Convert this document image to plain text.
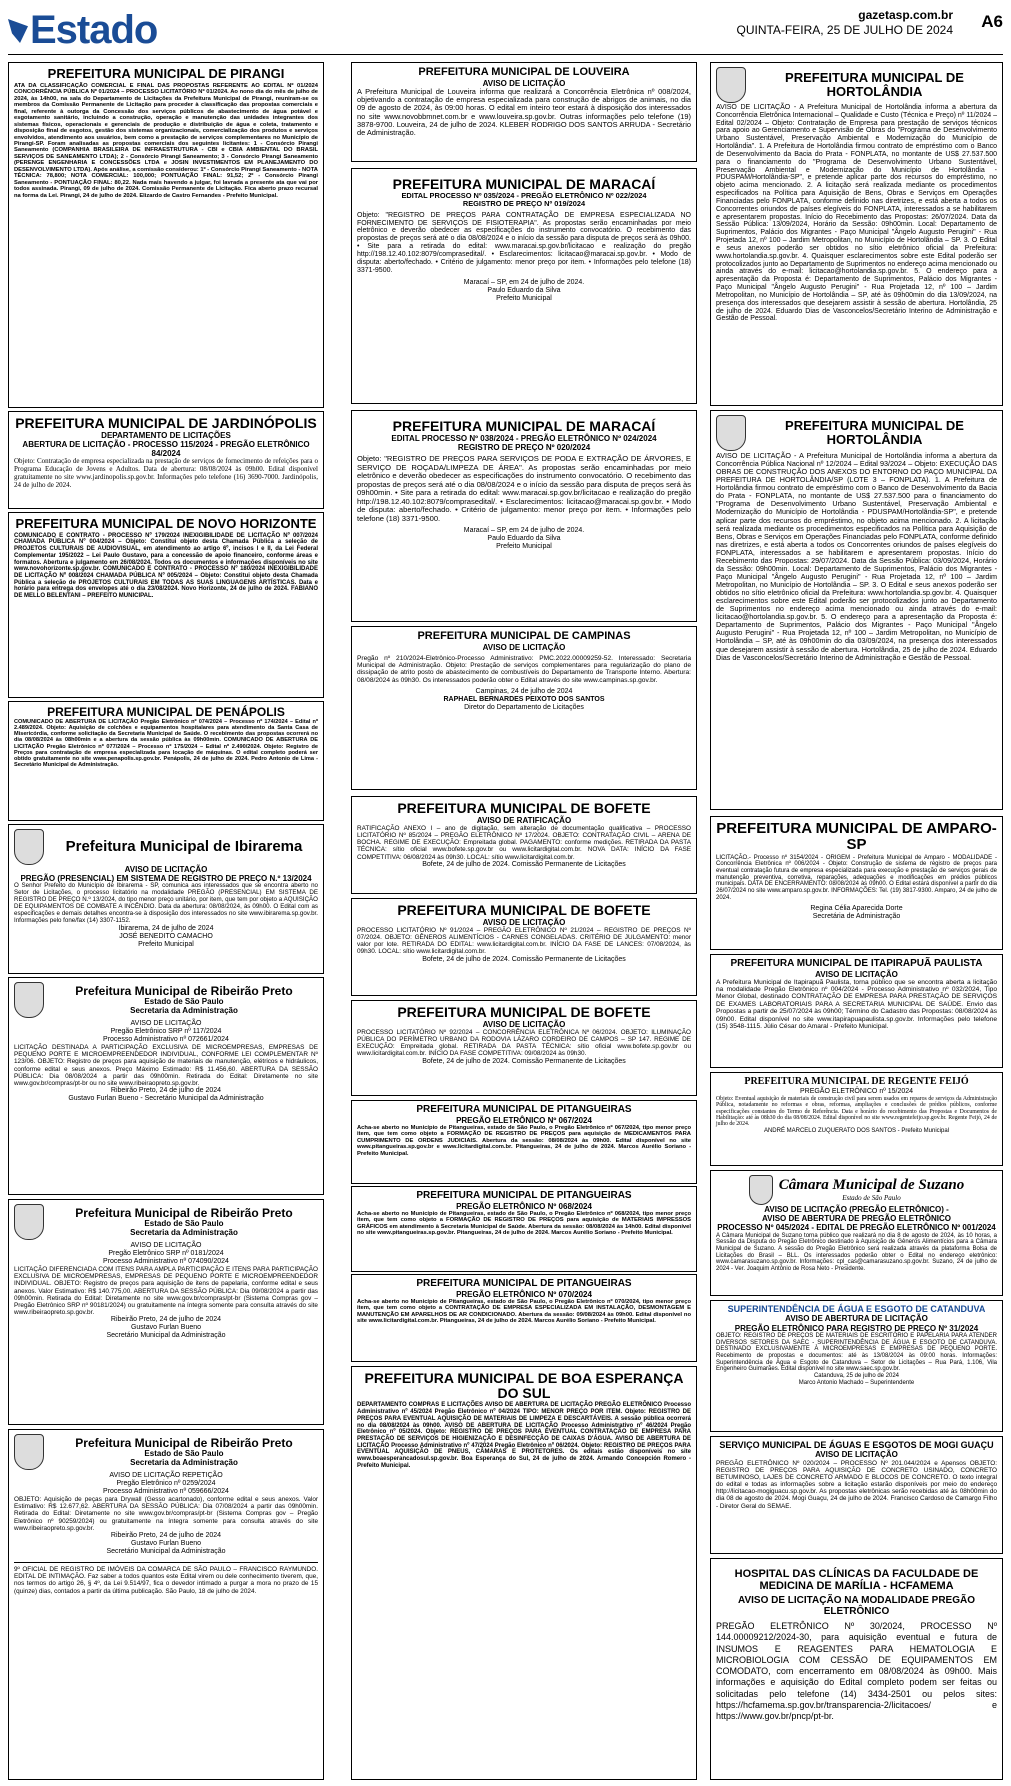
Estado	gazetasp.com.br
QUINTA-FEIRA, 25 DE JULHO DE 2024 A6
PREFEITURA MUNICIPAL DE PIRANGI
ATA DA CLASSIFICAÇÃO COMERCIAL E FINAL DAS PROPOSTAS REFERENTE AO EDITAL Nº 01/2024 CONCORRÊNCIA PÚBLICA Nº 01/2024 – PROCESSO LICITATÓRIO Nº 01/2024. Ao nono dia do mês de julho de 2024, às 14h00, na sala do Departamento de Licitações da Prefeitura Municipal de Pirangi, reuniram-se os membros da Comissão Permanente de Licitação para proceder à classificação das propostas comerciais e final, referente à outorga da Concessão dos serviços públicos de abastecimento de água potável e esgotamento sanitário, incluindo a construção, operação e manutenção das unidades integrantes dos sistemas físicos, operacionais e gerenciais de produção e distribuição de água e coleta, tratamento e disposição final de esgotos, gestão dos sistemas organizacionais, comercialização dos produtos e serviços envolvidos, atendimento aos usuários, bem como a prestação de serviços complementares no Município de Pirangi-SP. Foram analisadas as propostas comerciais dos seguintes licitantes: 1 - Consórcio Pirangi Saneamento (COMPANHIA BRASILEIRA DE INFRAESTRUTURA - CBI e CBIA AMBIENTAL DO BRASIL SERVIÇOS DE SANEAMENTO LTDA); 2 - Consórcio Pirangi Saneamento; 3 - Consórcio Pirangi Saneamento (PERENGE ENGENHARIA E CONCESSÕES LTDA e JOSIN INVESTIMENTOS EM PLANEJAMENTO DO DESENVOLVIMENTO LTDA). Após análise, a comissão considerou: 1º - Consórcio Pirangi Saneamento - NOTA TÉCNICA: 78,800; NOTA COMERCIAL: 100,000; PONTUAÇÃO FINAL: 91,52; 2º - Consórcio Pirangi Saneamento - PONTUAÇÃO FINAL: 80,22. Nada mais havendo a julgar, foi lavrada a presente ata que vai por todos assinada. Pirangi, 09 de julho de 2024. Comissão Permanente de Licitação. Fica aberto prazo recursal na forma da Lei. Pirangi, 24 de julho de 2024. Elizardo de Castro Fernandes - Prefeito Municipal.
PREFEITURA MUNICIPAL DE JARDINÓPOLIS
DEPARTAMENTO DE LICITAÇÕES
ABERTURA DE LICITAÇÃO - PROCESSO 115/2024 - PREGÃO ELETRÔNICO 84/2024
Objeto: Contratação de empresa especializada na prestação de serviços de fornecimento de refeições para o Programa Educação de Jovens e Adultos. Data de abertura: 08/08/2024 às 09h00. Edital disponível gratuitamente no site www.jardinopolis.sp.gov.br. Informações pelo telefone (16) 3690-7000. Jardinópolis, 24 de julho de 2024.
PREFEITURA MUNICIPAL DE NOVO HORIZONTE
COMUNICADO E CONTRATO - PROCESSO Nº 179/2024 INEXIGIBILIDADE DE LICITAÇÃO Nº 007/2024 CHAMADA PÚBLICA Nº 004/2024 – Objeto: Constitui objeto desta Chamada Pública a seleção de PROJETOS CULTURAIS DE AUDIOVISUAL, em atendimento ao artigo 6º, incisos I e II, da Lei Federal Complementar 195/2022 – Lei Paulo Gustavo, para a concessão de apoio financeiro, conforme áreas e formatos. Abertura e julgamento em 26/08/2024. Todos os documentos e informações disponíveis no site www.novohorizonte.sp.gov.br. COMUNICADO E CONTRATO - PROCESSO Nº 180/2024 INEXIGIBILIDADE DE LICITAÇÃO Nº 008/2024 CHAMADA PÚBLICA Nº 005/2024 – Objeto: Constitui objeto desta Chamada Pública a seleção de PROJETOS CULTURAIS EM TODAS AS SUAS LINGUAGENS ARTÍSTICAS. Data e horário para entrega dos envelopes até o dia 23/08/2024. Novo Horizonte, 24 de julho de 2024. FABIANO DE MELLO BELENTANI – PREFEITO MUNICIPAL.
PREFEITURA MUNICIPAL DE PENÁPOLIS
COMUNICADO DE ABERTURA DE LICITAÇÃO Pregão Eletrônico nº 074/2024 – Processo nº 174/2024 – Edital nº 2.489/2024. Objeto: Aquisição de colchões e equipamentos hospitalares para atendimento da Santa Casa de Misericórdia, conforme solicitação da Secretaria Municipal de Saúde. O recebimento das propostas ocorrerá no dia 08/08/2024 às 08h00min e a abertura da sessão pública às 09h00min. COMUNICADO DE ABERTURA DE LICITAÇÃO Pregão Eletrônico nº 077/2024 – Processo nº 175/2024 – Edital nº 2.490/2024. Objeto: Registro de Preços para contratação de empresa especializada para locação de máquinas. O edital completo poderá ser obtido gratuitamente no site www.penapolis.sp.gov.br. Penápolis, 24 de julho de 2024. Pedro Antonio de Lima - Secretário Municipal de Administração.
Prefeitura Municipal de Ibirarema
AVISO DE LICITAÇÃO
PREGÃO (PRESENCIAL) EM SISTEMA DE REGISTRO DE PREÇO N.º 13/2024
O Senhor Prefeito do Município de Ibirarema - SP, comunica aos interessados que se encontra aberto no Setor de Licitações, o processo licitatório na modalidade PREGÃO (PRESENCIAL) EM SISTEMA DE REGISTRO DE PREÇO N.º 13/2024, do tipo menor preço unitário, por item, que tem por objeto a AQUISIÇÃO DE EQUIPAMENTOS DE COMBATE A INCÊNDIO. Data da abertura: 08/08/2024, às 09h00. O Edital com as especificações e demais detalhes encontra-se à disposição dos interessados no site www.ibirarema.sp.gov.br. Informações pelo fone/fax (14) 3307-1152.
Ibirarema, 24 de julho de 2024
JOSÉ BENEDITO CAMACHO
Prefeito Municipal
Prefeitura Municipal de Ribeirão Preto
Estado de São Paulo
Secretaria da Administração
AVISO DE LICITAÇÃO
Pregão Eletrônico SRP nº 117/2024
Processo Administrativo nº 072661/2024
LICITAÇÃO DESTINADA A PARTICIPAÇÃO EXCLUSIVA DE MICROEMPRESAS, EMPRESAS DE PEQUENO PORTE E MICROEMPREENDEDOR INDIVIDUAL, CONFORME LEI COMPLEMENTAR Nº 123/06. OBJETO: Registro de preços para aquisição de materiais de manutenção, elétricos e hidráulicos, conforme edital e seus anexos. Preço Máximo Estimado: R$ 11.456,60. ABERTURA DA SESSÃO PÚBLICA: Dia 08/08/2024 a partir das 09h00min. Retirada do Edital: Diretamente no site www.gov.br/compras/pt-br ou no site www.ribeiraopreto.sp.gov.br.
Ribeirão Preto, 24 de julho de 2024
Gustavo Furlan Bueno - Secretário Municipal da Administração
Prefeitura Municipal de Ribeirão Preto
Estado de São Paulo
Secretaria da Administração
AVISO DE LICITAÇÃO
Pregão Eletrônico SRP nº 0181/2024
Processo Administrativo nº 074090/2024
LICITAÇÃO DIFERENCIADA COM ITENS PARA AMPLA PARTICIPAÇÃO E ITENS PARA PARTICIPAÇÃO EXCLUSIVA DE MICROEMPRESAS, EMPRESAS DE PEQUENO PORTE E MICROEMPREENDEDOR INDIVIDUAL. OBJETO: Registro de preços para aquisição de itens de papelaria, conforme edital e seus anexos. Valor Estimativo: R$ 140.775,00. ABERTURA DA SESSÃO PÚBLICA: Dia 09/08/2024 a partir das 09h00min. Retirada do Edital: Diretamente no site www.gov.br/compras/pt-br (Sistema Compras gov – Pregão Eletrônico SRP nº 90181/2024) ou gratuitamente na íntegra somente para consulta através do site www.ribeiraopreto.sp.gov.br.
Ribeirão Preto, 24 de julho de 2024
Gustavo Furlan Bueno
Secretário Municipal da Administração
Prefeitura Municipal de Ribeirão Preto
Estado de São Paulo
Secretaria da Administração
AVISO DE LICITAÇÃO REPETIÇÃO
Pregão Eletrônico nº 0259/2024
Processo Administrativo nº 059666/2024
OBJETO: Aquisição de peças para Drywall (Gesso acartonado), conforme edital e seus anexos. Valor Estimativo: R$ 12.677,62. ABERTURA DA SESSÃO PÚBLICA: Dia 07/08/2024 a partir das 09h00min. Retirada do Edital: Diretamente no site www.gov.br/compras/pt-br (Sistema Compras gov – Pregão Eletrônico nº 90259/2024) ou gratuitamente na íntegra somente para consulta através do site www.ribeiraopreto.sp.gov.br.
Ribeirão Preto, 24 de julho de 2024
Gustavo Furlan Bueno
Secretário Municipal da Administração
9º OFICIAL DE REGISTRO DE IMÓVEIS DA COMARCA DE SÃO PAULO – FRANCISCO RAYMUNDO. EDITAL DE INTIMAÇÃO. Faz saber a todos quantos este Edital virem ou dele conhecimento tiverem, que, nos termos do artigo 26, § 4º, da Lei 9.514/97, fica o devedor intimado a purgar a mora no prazo de 15 (quinze) dias, contados a partir da última publicação. São Paulo, 18 de julho de 2024.
PREFEITURA MUNICIPAL DE LOUVEIRA
AVISO DE LICITAÇÃO
A Prefeitura Municipal de Louveira informa que realizará a Concorrência Eletrônica nº 008/2024, objetivando a contratação de empresa especializada para construção de abrigos de animais, no dia 09 de agosto de 2024, às 09:00 horas. O edital em inteiro teor estará à disposição dos interessados no site www.novobbmnet.com.br e www.louveira.sp.gov.br. Outras informações pelo telefone (19) 3878-9700. Louveira, 24 de julho de 2024. KLEBER RODRIGO DOS SANTOS ARRUDA - Secretário de Administração.
PREFEITURA MUNICIPAL DE MARACAÍ
EDITAL PROCESSO Nº 035/2024 - PREGÃO ELETRÔNICO Nº 022/2024
REGISTRO DE PREÇO Nº 019/2024
Objeto: "REGISTRO DE PREÇOS PARA CONTRATAÇÃO DE EMPRESA ESPECIALIZADA NO FORNECIMENTO DE SERVIÇOS DE FISIOTERAPIA". As propostas serão encaminhadas por meio eletrônico e deverão obedecer as especificações do instrumento convocatório. O recebimento das propostas de preços será até o dia 08/08/2024 e o início da sessão para disputa de preços será às 09h00. • Site para a retirada do edital: www.maracai.sp.gov.br/licitacao e realização do pregão http://198.12.40.102:8079/comprasedital/. • Esclarecimentos: licitacao@maracai.sp.gov.br. • Modo de disputa: aberto/fechado. • Critério de julgamento: menor preço por item. • Informações pelo telefone (18) 3371-9500.
Maracaí – SP, em 24 de julho de 2024.
Paulo Eduardo da Silva
Prefeito Municipal
PREFEITURA MUNICIPAL DE MARACAÍ
EDITAL PROCESSO Nº 038/2024 - PREGÃO ELETRÔNICO Nº 024/2024
REGISTRO DE PREÇO Nº 020/2024
Objeto: "REGISTRO DE PREÇOS PARA SERVIÇOS DE PODA E EXTRAÇÃO DE ÁRVORES, E SERVIÇO DE ROÇADA/LIMPEZA DE ÁREA". As propostas serão encaminhadas por meio eletrônico e deverão obedecer as especificações do instrumento convocatório. O recebimento das propostas de preços será até o dia 08/08/2024 e o início da sessão para disputa de preços será às 09h00min. • Site para a retirada do edital: www.maracai.sp.gov.br/licitacao e realização do pregão http://198.12.40.102:8079/comprasedital/. • Esclarecimentos: licitacao@maracai.sp.gov.br. • Modo de disputa: aberto/fechado. • Critério de julgamento: menor preço por item. • Informações pelo telefone (18) 3371-9500.
Maracaí – SP, em 24 de julho de 2024.
Paulo Eduardo da Silva
Prefeito Municipal
PREFEITURA MUNICIPAL DE CAMPINAS
AVISO DE LICITAÇÃO
Pregão nº 210/2024-Eletrônico-Processo Administrativo: PMC.2022.00009259-52. Interessado: Secretaria Municipal de Administração. Objeto: Prestação de serviços complementares para regularização do plano de dissipação de atrito posto de abastecimento de combustíveis do Departamento de Transporte Interno. Abertura: 08/08/2024 às 09h30. Os interessados poderão obter o Edital através do site www.campinas.sp.gov.br.
Campinas, 24 de julho de 2024
RAPHAEL BERNARDES PEIXOTO DOS SANTOS
Diretor do Departamento de Licitações
PREFEITURA MUNICIPAL DE BOFETE
AVISO DE RATIFICAÇÃO
RATIFICAÇÃO ANEXO I – ano de digitação, sem alteração de documentação qualificativa – PROCESSO LICITATÓRIO Nº 85/2024 – PREGÃO ELETRÔNICO Nº 17/2024. OBJETO: CONTRATAÇÃO CIVIL – ARENA DE BOCHA. REGIME DE EXECUÇÃO: Empreitada global. PAGAMENTO: conforme medições. RETIRADA DA PASTA TÉCNICA: sítio oficial www.bofete.sp.gov.br ou www.licitardigital.com.br. NOVA DATA: INÍCIO DA FASE COMPETITIVA: 06/08/2024 às 09h30. LOCAL: sítio www.licitardigital.com.br.
Bofete, 24 de julho de 2024. Comissão Permanente de Licitações
PREFEITURA MUNICIPAL DE BOFETE
AVISO DE LICITAÇÃO
PROCESSO LICITATÓRIO Nº 91/2024 – PREGÃO ELETRÔNICO Nº 21/2024 – REGISTRO DE PREÇOS Nº 07/2024. OBJETO: GÊNEROS ALIMENTÍCIOS - CARNES CONGELADAS. CRITÉRIO DE JULGAMENTO: menor valor por lote. RETIRADA DO EDITAL: www.licitardigital.com.br. INÍCIO DA FASE DE LANCES: 07/08/2024, às 09h30. LOCAL: sítio www.licitardigital.com.br.
Bofete, 24 de julho de 2024. Comissão Permanente de Licitações
PREFEITURA MUNICIPAL DE BOFETE
AVISO DE LICITAÇÃO
PROCESSO LICITATÓRIO Nº 92/2024 – CONCORRÊNCIA ELETRÔNICA Nº 06/2024. OBJETO: ILUMINAÇÃO PÚBLICA DO PERÍMETRO URBANO DA RODOVIA LÁZARO CORDEIRO DE CAMPOS – SP 147. REGIME DE EXECUÇÃO: Empreitada global. RETIRADA DA PASTA TÉCNICA: sítio oficial www.bofete.sp.gov.br ou www.licitardigital.com.br. INÍCIO DA FASE COMPETITIVA: 09/08/2024 às 09h30.
Bofete, 24 de julho de 2024. Comissão Permanente de Licitações
PREFEITURA MUNICIPAL DE PITANGUEIRAS
PREGÃO ELETRÔNICO Nº 067/2024
Acha-se aberto no Município de Pitangueiras, estado de São Paulo, o Pregão Eletrônico nº 067/2024, tipo menor preço item, que tem como objeto a FORMAÇÃO DE REGISTRO DE PREÇOS para aquisição de MEDICAMENTOS PARA CUMPRIMENTO DE ORDENS JUDICIAIS. Abertura da sessão: 08/08/2024 às 09h00. Edital disponível no site www.pitangueiras.sp.gov.br e www.licitardigital.com.br. Pitangueiras, 24 de julho de 2024. Marcos Aurélio Soriano - Prefeito Municipal.
PREFEITURA MUNICIPAL DE PITANGUEIRAS
PREGÃO ELETRÔNICO Nº 068/2024
Acha-se aberto no Município de Pitangueiras, estado de São Paulo, o Pregão Eletrônico nº 068/2024, tipo menor preço item, que tem como objeto a FORMAÇÃO DE REGISTRO DE PREÇOS para aquisição de MATERIAIS IMPRESSOS GRÁFICOS em atendimento à Secretaria Municipal de Saúde. Abertura da sessão: 08/08/2024 às 14h00. Edital disponível no site www.pitangueiras.sp.gov.br. Pitangueiras, 24 de julho de 2024. Marcos Aurélio Soriano - Prefeito Municipal.
PREFEITURA MUNICIPAL DE PITANGUEIRAS
PREGÃO ELETRÔNICO Nº 070/2024
Acha-se aberto no Município de Pitangueiras, estado de São Paulo, o Pregão Eletrônico nº 070/2024, tipo menor preço item, que tem como objeto a CONTRATAÇÃO DE EMPRESA ESPECIALIZADA EM INSTALAÇÃO, DESMONTAGEM E MANUTENÇÃO EM APARELHOS DE AR CONDICIONADO. Abertura da sessão: 09/08/2024 às 09h00. Edital disponível no site www.licitardigital.com.br. Pitangueiras, 24 de julho de 2024. Marcos Aurélio Soriano - Prefeito Municipal.
PREFEITURA MUNICIPAL DE BOA ESPERANÇA DO SUL
DEPARTAMENTO COMPRAS E LICITAÇÕES AVISO DE ABERTURA DE LICITAÇÃO PREGÃO ELETRÔNICO Processo Administrativo nº 45/2024 Pregão Eletrônico nº 04/2024 TIPO: MENOR PREÇO POR ITEM. Objeto: REGISTRO DE PREÇOS PARA EVENTUAL AQUISIÇÃO DE MATERIAIS DE LIMPEZA E DESCARTÁVEIS. A sessão pública ocorrerá no dia 08/08/2024 às 09h00. AVISO DE ABERTURA DE LICITAÇÃO Processo Administrativo nº 46/2024 Pregão Eletrônico nº 05/2024. Objeto: REGISTRO DE PREÇOS PARA EVENTUAL CONTRATAÇÃO DE EMPRESA PARA PRESTAÇÃO DE SERVIÇOS DE HIGIENIZAÇÃO E DESINFECÇÃO DE CAIXAS D'ÁGUA. AVISO DE ABERTURA DE LICITAÇÃO Processo Administrativo nº 47/2024 Pregão Eletrônico nº 06/2024. Objeto: REGISTRO DE PREÇOS PARA EVENTUAL AQUISIÇÃO DE PNEUS, CÂMARAS E PROTETORES. Os editais estão disponíveis no site www.boaesperancadosul.sp.gov.br. Boa Esperança do Sul, 24 de julho de 2024. Armando Concepción Romero - Prefeito Municipal.
PREFEITURA MUNICIPAL DE HORTOLÂNDIA
AVISO DE LICITAÇÃO - A Prefeitura Municipal de Hortolândia informa a abertura da Concorrência Eletrônica Internacional – Qualidade e Custo (Técnica e Preço) nº 11/2024 – Edital 02/2024 – Objeto: Contratação de Empresa para prestação de serviços técnicos para apoio ao Gerenciamento e Supervisão de Obras do "Programa de Desenvolvimento Urbano Sustentável, Preservação Ambiental e Modernização do Município de Hortolândia". 1. A Prefeitura de Hortolândia firmou contrato de empréstimo com o Banco de Desenvolvimento da Bacia do Prata - FONPLATA, no montante de US$ 27.537.500 para o financiamento do "Programa de Desenvolvimento Urbano Sustentável, Preservação Ambiental e Modernização do Município de Hortolândia - PDUSPAM/Hortolândia-SP", e pretende aplicar parte dos recursos do empréstimo, no objeto acima mencionado. 2. A licitação será realizada mediante os procedimentos especificados na Política para Aquisição de Bens, Obras e Serviços em Operações Financiadas pelo FONPLATA, conforme definido nas diretrizes, e está aberta a todos os Concorrentes oriundos de países elegíveis do FONPLATA, interessados a se habilitarem e apresentarem propostas. Início do Recebimento das Propostas: 26/07/2024. Data da Sessão Pública: 13/09/2024, Horário da Sessão: 09h00min. Local: Departamento de Suprimentos, Palácio dos Migrantes - Paço Municipal "Ângelo Augusto Perugini" - Rua Projetada 12, nº 100 – Jardim Metropolitan, no Município de Hortolândia – SP. 3. O Edital e seus anexos poderão ser obtidos no sítio eletrônico oficial da Prefeitura: www.hortolandia.sp.gov.br. 4. Quaisquer esclarecimentos sobre este Edital poderão ser protocolizados junto ao Departamento de Suprimentos no endereço acima mencionado ou ainda através do e-mail: licitacao@hortolandia.sp.gov.br. 5. O endereço para a apresentação da Proposta é: Departamento de Suprimentos, Palácio dos Migrantes - Paço Municipal "Ângelo Augusto Perugini" - Rua Projetada 12, nº 100 – Jardim Metropolitan, no Município de Hortolândia – SP, até às 09h00min do dia 13/09/2024, na presença dos interessados que desejarem assistir à sessão de abertura. Hortolândia, 25 de julho de 2024. Eduardo Dias de Vasconcelos/Secretário Interino de Administração e Gestão de Pessoal.
PREFEITURA MUNICIPAL DE HORTOLÂNDIA
AVISO DE LICITAÇÃO - A Prefeitura Municipal de Hortolândia informa a abertura da Concorrência Pública Nacional nº 12/2024 – Edital 93/2024 – Objeto: EXECUÇÃO DAS OBRAS DE CONSTRUÇÃO DOS ANEXOS DO ENTORNO DO PAÇO MUNICIPAL DA PREFEITURA DE HORTOLÂNDIA/SP (LOTE 3 – FONPLATA). 1. A Prefeitura de Hortolândia firmou contrato de empréstimo com o Banco de Desenvolvimento da Bacia do Prata - FONPLATA, no montante de US$ 27.537.500 para o financiamento do "Programa de Desenvolvimento Urbano Sustentável, Preservação Ambiental e Modernização do Município de Hortolândia - PDUSPAM/Hortolândia-SP", e pretende aplicar parte dos recursos do empréstimo, no objeto acima mencionado. 2. A licitação será realizada mediante os procedimentos especificados na Política para Aquisição de Bens, Obras e Serviços em Operações Financiadas pelo FONPLATA, conforme definido nas diretrizes, e está aberta a todos os Concorrentes oriundos de países elegíveis do FONPLATA, interessados a se habilitarem e apresentarem propostas. Início do Recebimento das Propostas: 29/07/2024. Data da Sessão Pública: 03/09/2024, Horário da Sessão: 09h00min. Local: Departamento de Suprimentos, Palácio dos Migrantes - Paço Municipal "Ângelo Augusto Perugini" - Rua Projetada 12, nº 100 – Jardim Metropolitan, no Município de Hortolândia – SP. 3. O Edital e seus anexos poderão ser obtidos no sítio eletrônico oficial da Prefeitura: www.hortolandia.sp.gov.br. 4. Quaisquer esclarecimentos sobre este Edital poderão ser protocolizados junto ao Departamento de Suprimentos no endereço acima mencionado ou ainda através do e-mail: licitacao@hortolandia.sp.gov.br. 5. O endereço para a apresentação da Proposta é: Departamento de Suprimentos, Palácio dos Migrantes - Paço Municipal "Ângelo Augusto Perugini" - Rua Projetada 12, nº 100 – Jardim Metropolitan, no Município de Hortolândia – SP, até às 09h00min do dia 03/09/2024, na presença dos interessados que desejarem assistir à sessão de abertura. Hortolândia, 25 de julho de 2024. Eduardo Dias de Vasconcelos/Secretário Interino de Administração e Gestão de Pessoal.
PREFEITURA MUNICIPAL DE AMPARO-SP
LICITAÇÃO.- Processo nº 3154/2024 - ORIGEM - Prefeitura Municipal de Amparo - MODALIDADE - Concorrência Eletrônica nº 006/2024 - Objeto: Construção de sistema de registro de preços para eventual contratação futura de empresa especializada para execução e prestação de serviços gerais de manutenção preventiva, corretiva, reparações, adequações e modificações em prédios públicos municipais. DATA DE ENCERRAMENTO: 08/08/2024 às 09h00. O Edital estará disponível a partir do dia 26/07/2024 no site www.amparo.sp.gov.br. INFORMAÇÕES: Tel. (19) 3817-9300. Amparo, 24 de julho de 2024.
Regina Célia Aparecida Dorte
Secretária de Administração
PREFEITURA MUNICIPAL DE ITAPIRAPUÃ PAULISTA
AVISO DE LICITAÇÃO
A Prefeitura Municipal de Itapirapuã Paulista, torna público que se encontra aberta a licitação na modalidade Pregão Eletrônico nº 004/2024 - Processo Administrativo nº 032/2024, Tipo Menor Global, destinado CONTRATAÇÃO DE EMPRESA PARA PRESTAÇÃO DE SERVIÇOS DE EXAMES LABORATORIAIS PARA A SECRETARIA MUNICIPAL DE SAÚDE. Envio das Propostas a partir de 25/07/2024 às 09h00; Término do Cadastro das Propostas: 08/08/2024 às 09h00. Edital disponível no site www.itapirapuapaulista.sp.gov.br. Informações pelo telefone (15) 3548-1115. Júlio César do Amaral - Prefeito Municipal.
PREFEITURA MUNICIPAL DE REGENTE FEIJÓ
PREGÃO ELETRÔNICO nº 15/2024
Objeto: Eventual aquisição de materiais de construção civil para serem usados em reparos de serviços da Administração Pública, notadamente no reformas e obras, reformas, ampliações e conclusões de prédios públicos, conforme especificações constantes do Termo de Referência. Data e horário do recebimento das Propostas e Documentos de Habilitação: até às 08h30 do dia 08/08/2024. Edital disponível no site www.regentefeijo.sp.gov.br. Regente Feijó, 24 de julho de 2024.
ANDRÉ MARCELO ZUQUERATO DOS SANTOS - Prefeito Municipal
Câmara Municipal de Suzano
Estado de São Paulo
AVISO DE LICITAÇÃO (PREGÃO ELETRÔNICO) -
AVISO DE ABERTURA DE PREGÃO ELETRÔNICO
PROCESSO Nº 045/2024 - EDITAL DE PREGÃO ELETRÔNICO Nº 001/2024
A Câmara Municipal de Suzano torna público que realizará no dia 8 de agosto de 2024, às 10 horas, a Sessão da Disputa do Pregão Eletrônico destinado à Aquisição de Gêneros Alimentícios para a Câmara Municipal de Suzano. A sessão do Pregão Eletrônico será realizada através da plataforma Bolsa de Licitações do Brasil – BLL. Os interessados poderão obter o Edital no endereço eletrônico: www.camarasuzano.sp.gov.br. Informações: cpl_cas@camarasuzano.sp.gov.br. Suzano, 24 de julho de 2024 - Ver. Joaquim Antônio de Rosa Neto - Presidente.
SUPERINTENDÊNCIA DE ÁGUA E ESGOTO DE CATANDUVA
AVISO DE ABERTURA DE LICITAÇÃO
PREGÃO ELETRÔNICO PARA REGISTRO DE PREÇO Nº 31/2024
OBJETO: REGISTRO DE PREÇOS DE MATERIAIS DE ESCRITÓRIO E PAPELARIA PARA ATENDER DIVERSOS SETORES DA SAEC - SUPERINTENDÊNCIA DE ÁGUA E ESGOTO DE CATANDUVA. DESTINADO EXCLUSIVAMENTE À MICROEMPRESAS E EMPRESAS DE PEQUENO PORTE. Recebimento de propostas e documentos: até às 13/08/2024 às 09:00 horas. Informações: Superintendência de Água e Esgoto de Catanduva – Setor de Licitações – Rua Pará, 1.106, Vila Engenheiro Guimarães. Edital disponível no site www.saec.sp.gov.br.
Catanduva, 25 de julho de 2024
Marco Antonio Machado – Superintendente
SERVIÇO MUNICIPAL DE ÁGUAS E ESGOTOS DE MOGI GUAÇU
AVISO DE LICITAÇÃO
PREGÃO ELETRÔNICO Nº 020/2024 – PROCESSO Nº 201.044/2024 e Apensos OBJETO: REGISTRO DE PREÇOS PARA AQUISIÇÃO DE CONCRETO USINADO, CONCRETO BETUMINOSO, LAJES DE CONCRETO ARMADO E BLOCOS DE CONCRETO. O texto integral do edital e todas as informações sobre a licitação estarão disponíveis por meio do endereço http://licitacao-mogiguacu.sp.gov.br. As propostas eletrônicas serão recebidas até às 08h00min do dia 08 de agosto de 2024. Mogi Guaçu, 24 de julho de 2024. Francisco Cardoso de Camargo Filho - Diretor Geral do SEMAE.
HOSPITAL DAS CLÍNICAS DA FACULDADE DE
MEDICINA DE MARÍLIA - HCFAMEMA
AVISO DE LICITAÇÃO NA MODALIDADE PREGÃO ELETRÔNICO
PREGÃO ELETRÔNICO Nº 30/2024, PROCESSO Nº 144.00009212/2024-30, para aquisição eventual e futura de INSUMOS E REAGENTES PARA HEMATOLOGIA E MICROBIOLOGIA COM CESSÃO DE EQUIPAMENTOS EM COMODATO, com encerramento em 08/08/2024 às 09h00. Mais informações e aquisição do Edital completo podem ser feitas ou solicitadas pelo telefone (14) 3434-2501 ou pelos sites: https://hcfamema.sp.gov.br/transparencia-2/licitacoes/ e https://www.gov.br/pncp/pt-br.
